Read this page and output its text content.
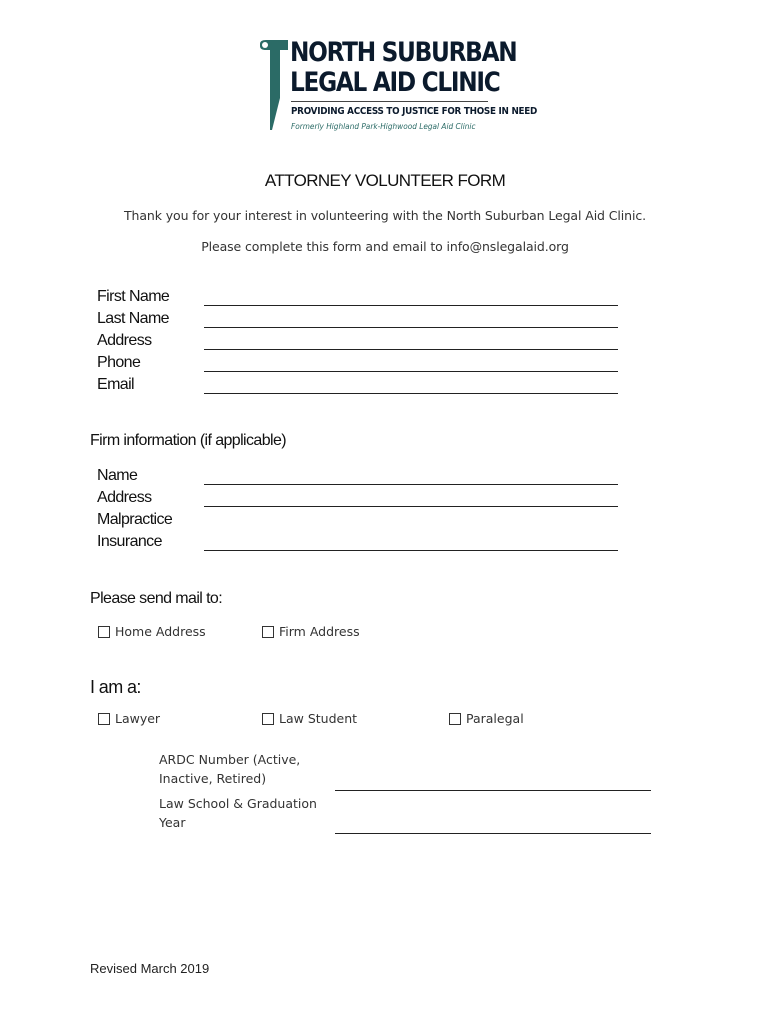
NORTH SUBURBAN
LEGAL AID CLINIC
PROVIDING ACCESS TO JUSTICE FOR THOSE IN NEED
Formerly Highland Park-Highwood Legal Aid Clinic
ATTORNEY VOLUNTEER FORM
Thank you for your interest in volunteering with the North Suburban Legal Aid Clinic.
Please complete this form and email to info@nslegalaid.org
First Name
Last Name
Address
Phone
Email
Firm information (if applicable)
Name
Address
Malpractice
Insurance
Please send mail to:
Home Address	Firm Address
I am a:
Lawyer	Law Student	Paralegal
ARDC Number (Active,
Inactive, Retired)
Law School & Graduation
Year
Revised March 2019
